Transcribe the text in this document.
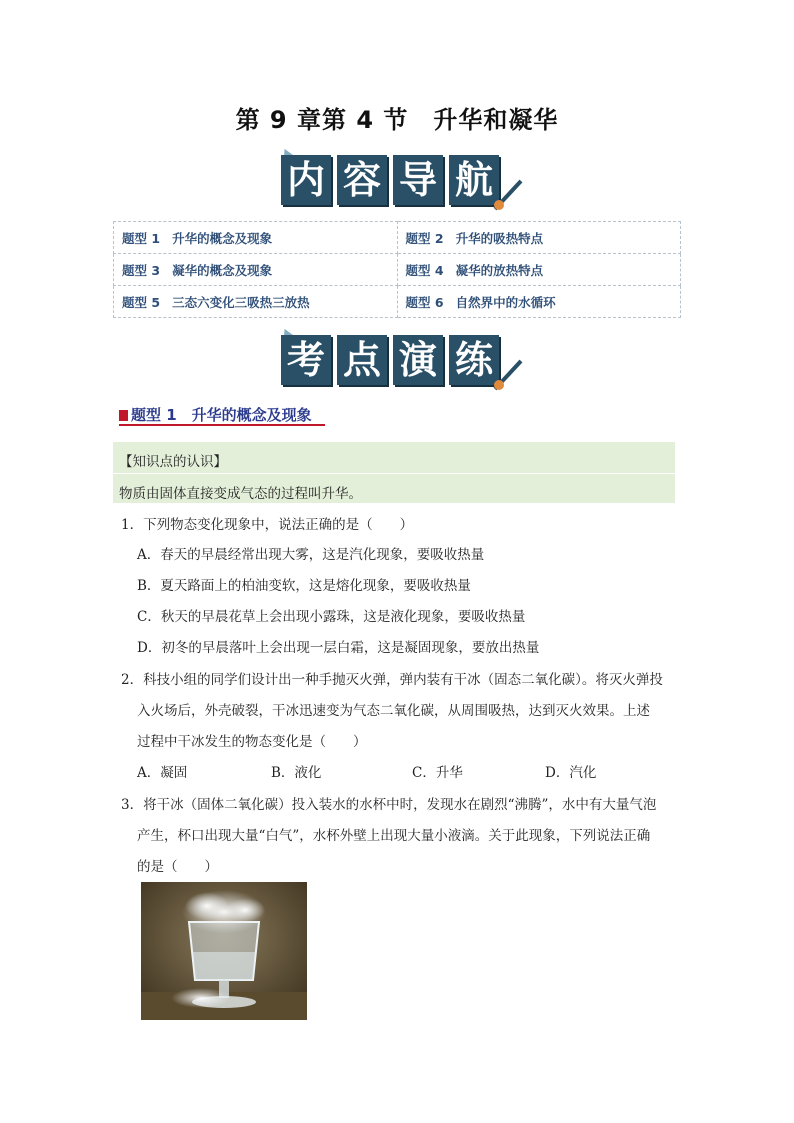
第 9 章第 4 节　升华和凝华
内 容 导 航
题型 1 升华的概念及现象	题型 2 升华的吸热特点
题型 3 凝华的概念及现象	题型 4 凝华的放热特点
题型 5 三态六变化三吸热三放热	题型 6 自然界中的水循环
考 点 演 练
题型 1　升华的概念及现象
【知识点的认识】
物质由固体直接变成气态的过程叫升华。
1．下列物态变化现象中，说法正确的是（　　）
A．春天的早晨经常出现大雾，这是汽化现象，要吸收热量
B．夏天路面上的柏油变软，这是熔化现象，要吸收热量
C．秋天的早晨花草上会出现小露珠，这是液化现象，要吸收热量
D．初冬的早晨落叶上会出现一层白霜，这是凝固现象，要放出热量
2．科技小组的同学们设计出一种手抛灭火弹，弹内装有干冰（固态二氧化碳）。将灭火弹投
入火场后，外壳破裂，干冰迅速变为气态二氧化碳，从周围吸热，达到灭火效果。上述
过程中干冰发生的物态变化是（　　）
A．凝固	B．液化	C．升华	D．汽化
3．将干冰（固体二氧化碳）投入装水的水杯中时，发现水在剧烈“沸腾”，水中有大量气泡
产生，杯口出现大量“白气”，水杯外壁上出现大量小液滴。关于此现象，下列说法正确
的是（　　）
